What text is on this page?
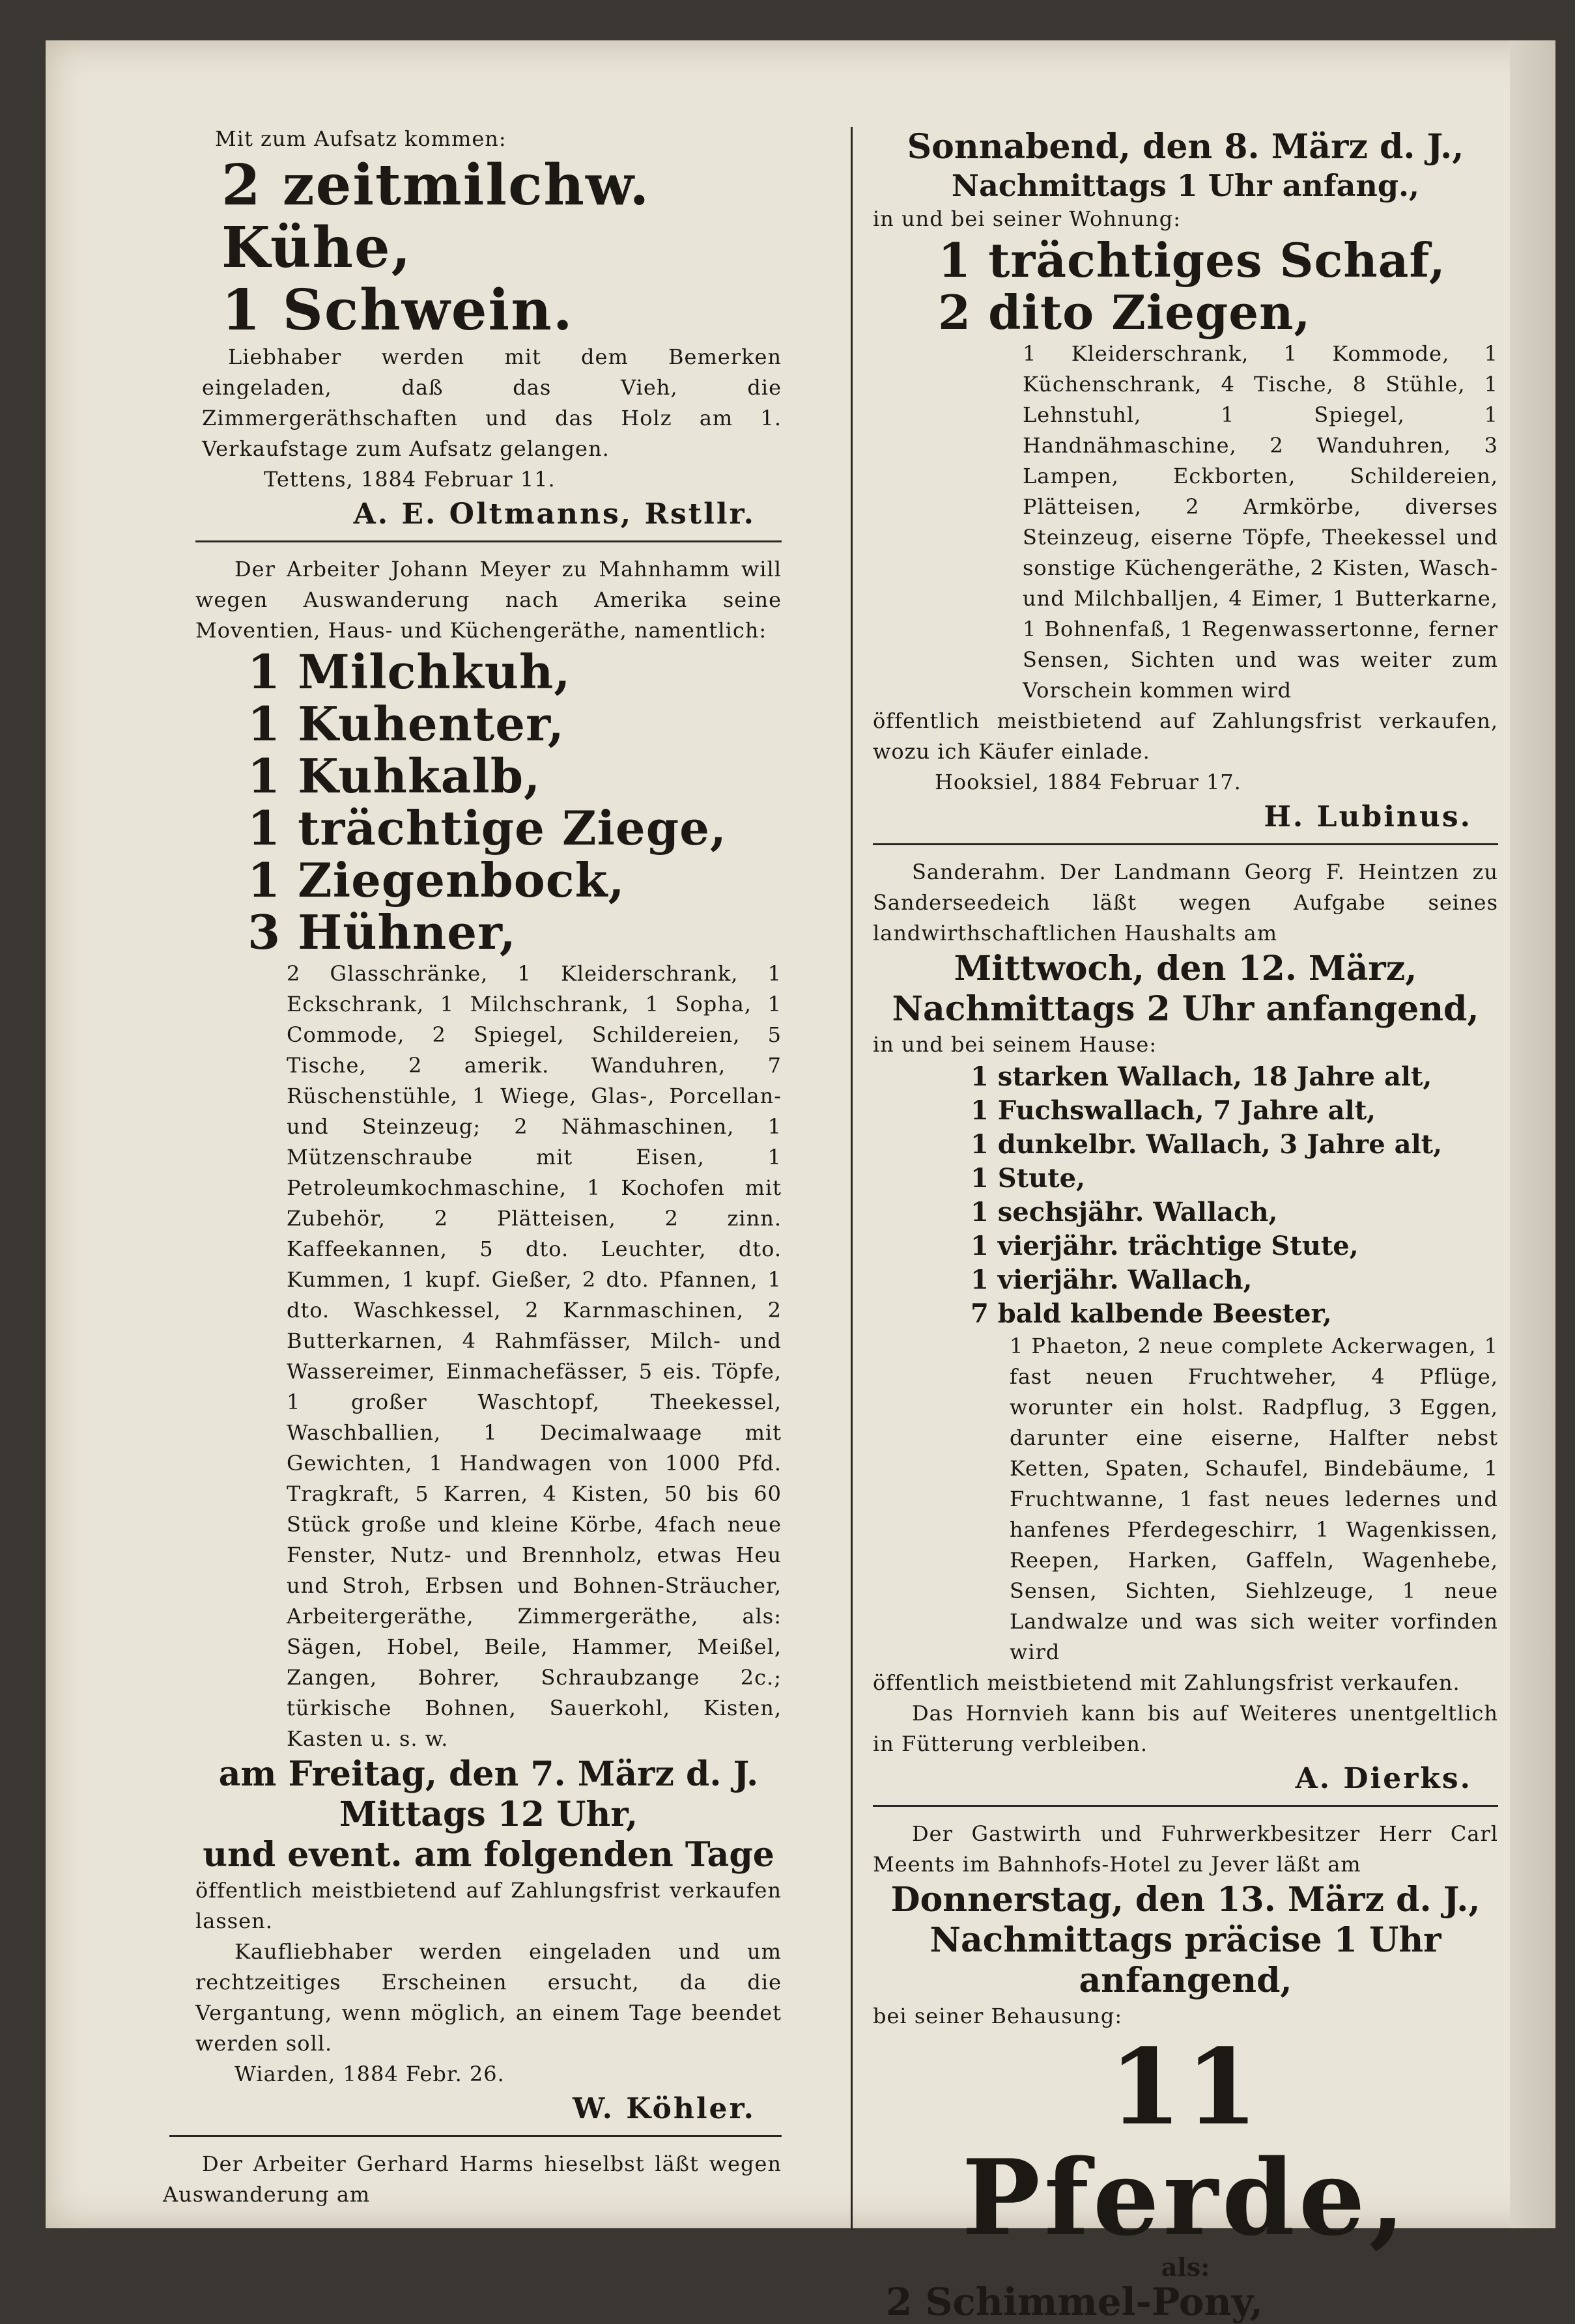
Mit zum Aufsatz kommen:

2 zeitmilchw. Kühe,
1 Schwein.

Liebhaber werden mit dem Bemerken eingeladen, daß das Vieh, die Zimmergeräthschaften und das Holz am 1. Verkaufstage zum Aufsatz gelangen.

Tettens, 1884 Februar 11.

A. E. Oltmanns, Rstllr.

Der Arbeiter Johann Meyer zu Mahnhamm will wegen Auswanderung nach Amerika seine Moventien, Haus- und Küchengeräthe, namentlich:

1 Milchkuh,
1 Kuhenter,
1 Kuhkalb,
1 trächtige Ziege,
1 Ziegenbock,
3 Hühner,

2 Glasschränke, 1 Kleiderschrank, 1 Eckschrank, 1 Milchschrank, 1 Sopha, 1 Commode, 2 Spiegel, Schildereien, 5 Tische, 2 amerik. Wanduhren, 7 Rüschenstühle, 1 Wiege, Glas-, Porcellan- und Steinzeug; 2 Nähmaschinen, 1 Mützenschraube mit Eisen, 1 Petroleumkochmaschine, 1 Kochofen mit Zubehör, 2 Plätteisen, 2 zinn. Kaffeekannen, 5 dto. Leuchter, dto. Kummen, 1 kupf. Gießer, 2 dto. Pfannen, 1 dto. Waschkessel, 2 Karnmaschinen, 2 Butterkarnen, 4 Rahmfässer, Milch- und Wassereimer, Einmachefässer, 5 eis. Töpfe, 1 großer Waschtopf, Theekessel, Waschballien, 1 Decimalwaage mit Gewichten, 1 Handwagen von 1000 Pfd. Tragkraft, 5 Karren, 4 Kisten, 50 bis 60 Stück große und kleine Körbe, 4fach neue Fenster, Nutz- und Brennholz, etwas Heu und Stroh, Erbsen und Bohnen-Sträucher, Arbeitergeräthe, Zimmergeräthe, als: Sägen, Hobel, Beile, Hammer, Meißel, Zangen, Bohrer, Schraubzange 2c.; türkische Bohnen, Sauerkohl, Kisten, Kasten u. s. w.

am Freitag, den 7. März d. J.
Mittags 12 Uhr,
und event. am folgenden Tage

öffentlich meistbietend auf Zahlungsfrist verkaufen lassen.

Kaufliebhaber werden eingeladen und um rechtzeitiges Erscheinen ersucht, da die Vergantung, wenn möglich, an einem Tage beendet werden soll.

Wiarden, 1884 Febr. 26.

W. Köhler.

Der Arbeiter Gerhard Harms hieselbst läßt wegen Auswanderung am

Sonnabend, den 8. März d. J.,
Nachmittags 1 Uhr anfang.,

in und bei seiner Wohnung:

1 trächtiges Schaf,
2 dito Ziegen,

1 Kleiderschrank, 1 Kommode, 1 Küchenschrank, 4 Tische, 8 Stühle, 1 Lehnstuhl, 1 Spiegel, 1 Handnähmaschine, 2 Wanduhren, 3 Lampen, Eckborten, Schildereien, Plätteisen, 2 Armkörbe, diverses Steinzeug, eiserne Töpfe, Theekessel und sonstige Küchengeräthe, 2 Kisten, Wasch- und Milchballjen, 4 Eimer, 1 Butterkarne, 1 Bohnenfaß, 1 Regenwassertonne, ferner Sensen, Sichten und was weiter zum Vorschein kommen wird

öffentlich meistbietend auf Zahlungsfrist verkaufen, wozu ich Käufer einlade.

Hooksiel, 1884 Februar 17.

H. Lubinus.

Sanderahm. Der Landmann Georg F. Heintzen zu Sanderseedeich läßt wegen Aufgabe seines landwirthschaftlichen Haushalts am

Mittwoch, den 12. März,
Nachmittags 2 Uhr anfangend,

in und bei seinem Hause:

1 starken Wallach, 18 Jahre alt,
1 Fuchswallach, 7 Jahre alt,
1 dunkelbr. Wallach, 3 Jahre alt,
1 Stute,
1 sechsjähr. Wallach,
1 vierjähr. trächtige Stute,
1 vierjähr. Wallach,
7 bald kalbende Beester,

1 Phaeton, 2 neue complete Ackerwagen, 1 fast neuen Fruchtweher, 4 Pflüge, worunter ein holst. Radpflug, 3 Eggen, darunter eine eiserne, Halfter nebst Ketten, Spaten, Schaufel, Bindebäume, 1 Fruchtwanne, 1 fast neues ledernes und hanfenes Pferdegeschirr, 1 Wagenkissen, Reepen, Harken, Gaffeln, Wagenhebe, Sensen, Sichten, Siehlzeuge, 1 neue Landwalze und was sich weiter vorfinden wird

öffentlich meistbietend mit Zahlungsfrist verkaufen.

Das Hornvieh kann bis auf Weiteres unentgeltlich in Fütterung verbleiben.

A. Dierks.

Der Gastwirth und Fuhrwerkbesitzer Herr Carl Meents im Bahnhofs-Hotel zu Jever läßt am

Donnerstag, den 13. März d. J.,
Nachmittags präcise 1 Uhr anfangend,

bei seiner Behausung:

11 Pferde,
als:
2 Schimmel-Pony,
